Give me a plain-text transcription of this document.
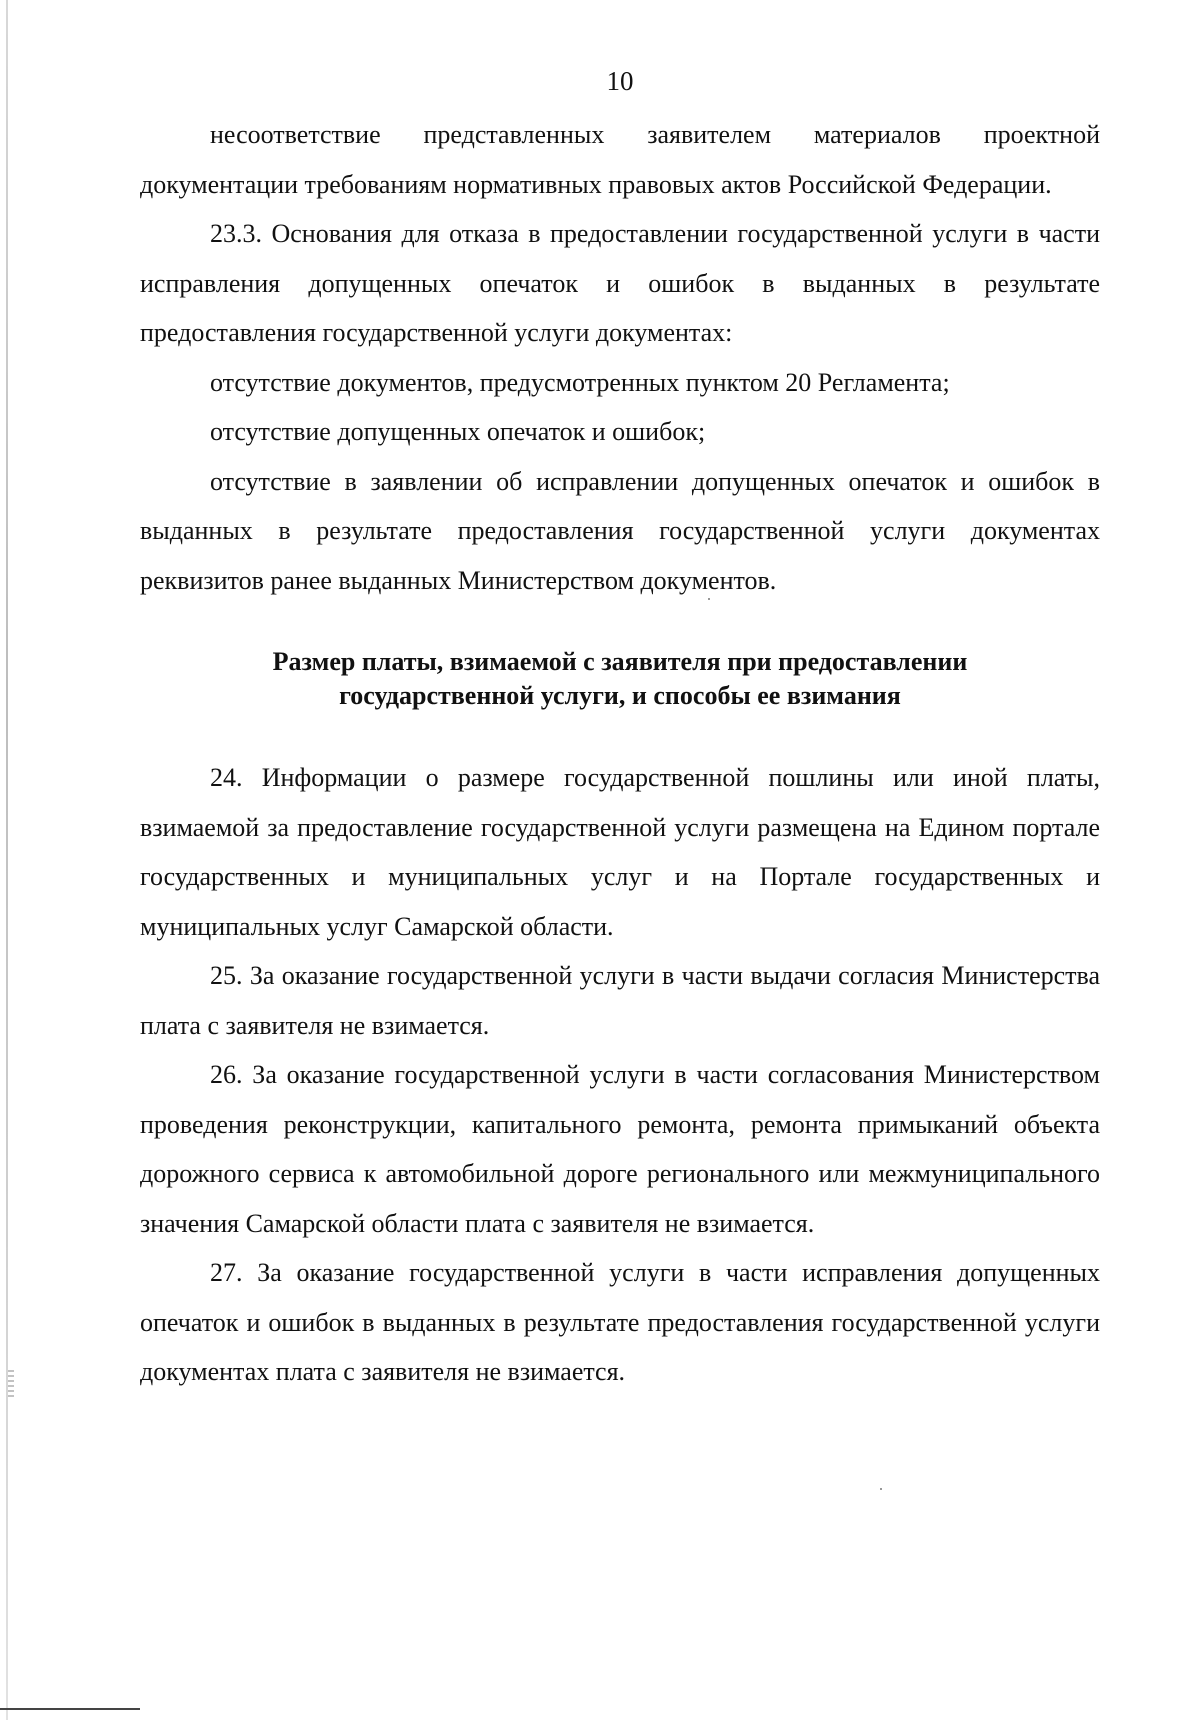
10

несоответствие представленных заявителем материалов проектной документации требованиям нормативных правовых актов Российской Федерации.

23.3. Основания для отказа в предоставлении государственной услуги в части исправления допущенных опечаток и ошибок в выданных в результате предоставления государственной услуги документах:

отсутствие документов, предусмотренных пунктом 20 Регламента;

отсутствие допущенных опечаток и ошибок;

отсутствие в заявлении об исправлении допущенных опечаток и ошибок в выданных в результате предоставления государственной услуги документах реквизитов ранее выданных Министерством документов.

Размер платы, взимаемой с заявителя при предоставлении
государственной услуги, и способы ее взимания

24. Информации о размере государственной пошлины или иной платы, взимаемой за предоставление государственной услуги размещена на Едином портале государственных и муниципальных услуг и на Портале государственных и муниципальных услуг Самарской области.

25. За оказание государственной услуги в части выдачи согласия Министерства плата с заявителя не взимается.

26. За оказание государственной услуги в части согласования Министерством проведения реконструкции, капитального ремонта, ремонта примыканий объекта дорожного сервиса к автомобильной дороге регионального или межмуниципального значения Самарской области плата с заявителя не взимается.

27. За оказание государственной услуги в части исправления допущенных опечаток и ошибок в выданных в результате предоставления государственной услуги документах плата с заявителя не взимается.
